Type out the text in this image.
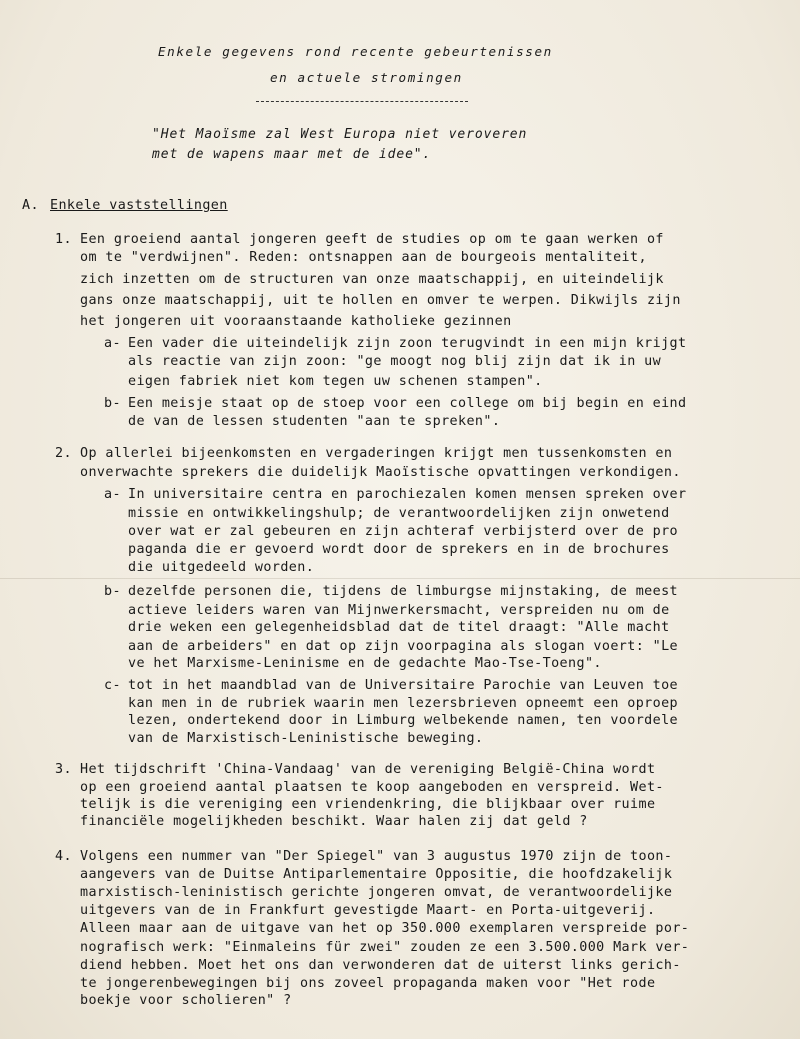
Enkele gegevens rond recente gebeurtenissen
en actuele stromingen
"Het Maoïsme zal West Europa niet veroveren
met de wapens maar met de idee".
A. Enkele vaststellingen
1. Een groeiend aantal jongeren geeft de studies op om te gaan werken of
om te "verdwijnen". Reden: ontsnappen aan de bourgeois mentaliteit,
zich inzetten om de structuren van onze maatschappij, en uiteindelijk
gans onze maatschappij, uit te hollen en omver te werpen. Dikwijls zijn
het jongeren uit vooraanstaande katholieke gezinnen
a- Een vader die uiteindelijk zijn zoon terugvindt in een mijn krijgt
als reactie van zijn zoon: "ge moogt nog blij zijn dat ik in uw
eigen fabriek niet kom tegen uw schenen stampen".
b- Een meisje staat op de stoep voor een college om bij begin en eind
de van de lessen studenten "aan te spreken".
2. Op allerlei bijeenkomsten en vergaderingen krijgt men tussenkomsten en
onverwachte sprekers die duidelijk Maoïstische opvattingen verkondigen.
a- In universitaire centra en parochiezalen komen mensen spreken over
missie en ontwikkelingshulp; de verantwoordelijken zijn onwetend
over wat er zal gebeuren en zijn achteraf verbijsterd over de pro
paganda die er gevoerd wordt door de sprekers en in de brochures
die uitgedeeld worden.
b- dezelfde personen die, tijdens de limburgse mijnstaking, de meest
actieve leiders waren van Mijnwerkersmacht, verspreiden nu om de
drie weken een gelegenheidsblad dat de titel draagt: "Alle macht
aan de arbeiders" en dat op zijn voorpagina als slogan voert: "Le
ve het Marxisme-Leninisme en de gedachte Mao-Tse-Toeng".
c- tot in het maandblad van de Universitaire Parochie van Leuven toe
kan men in de rubriek waarin men lezersbrieven opneemt een oproep
lezen, ondertekend door in Limburg welbekende namen, ten voordele
van de Marxistisch-Leninistische beweging.
3. Het tijdschrift 'China-Vandaag' van de vereniging België-China wordt
op een groeiend aantal plaatsen te koop aangeboden en verspreid. Wet-
telijk is die vereniging een vriendenkring, die blijkbaar over ruime
financiële mogelijkheden beschikt. Waar halen zij dat geld ?
4. Volgens een nummer van "Der Spiegel" van 3 augustus 1970 zijn de toon-
aangevers van de Duitse Antiparlementaire Oppositie, die hoofdzakelijk
marxistisch-leninistisch gerichte jongeren omvat, de verantwoordelijke
uitgevers van de in Frankfurt gevestigde Maart- en Porta-uitgeverij.
Alleen maar aan de uitgave van het op 350.000 exemplaren verspreide por-
nografisch werk: "Einmaleins für zwei" zouden ze een 3.500.000 Mark ver-
diend hebben. Moet het ons dan verwonderen dat de uiterst links gerich-
te jongerenbewegingen bij ons zoveel propaganda maken voor "Het rode
boekje voor scholieren" ?
